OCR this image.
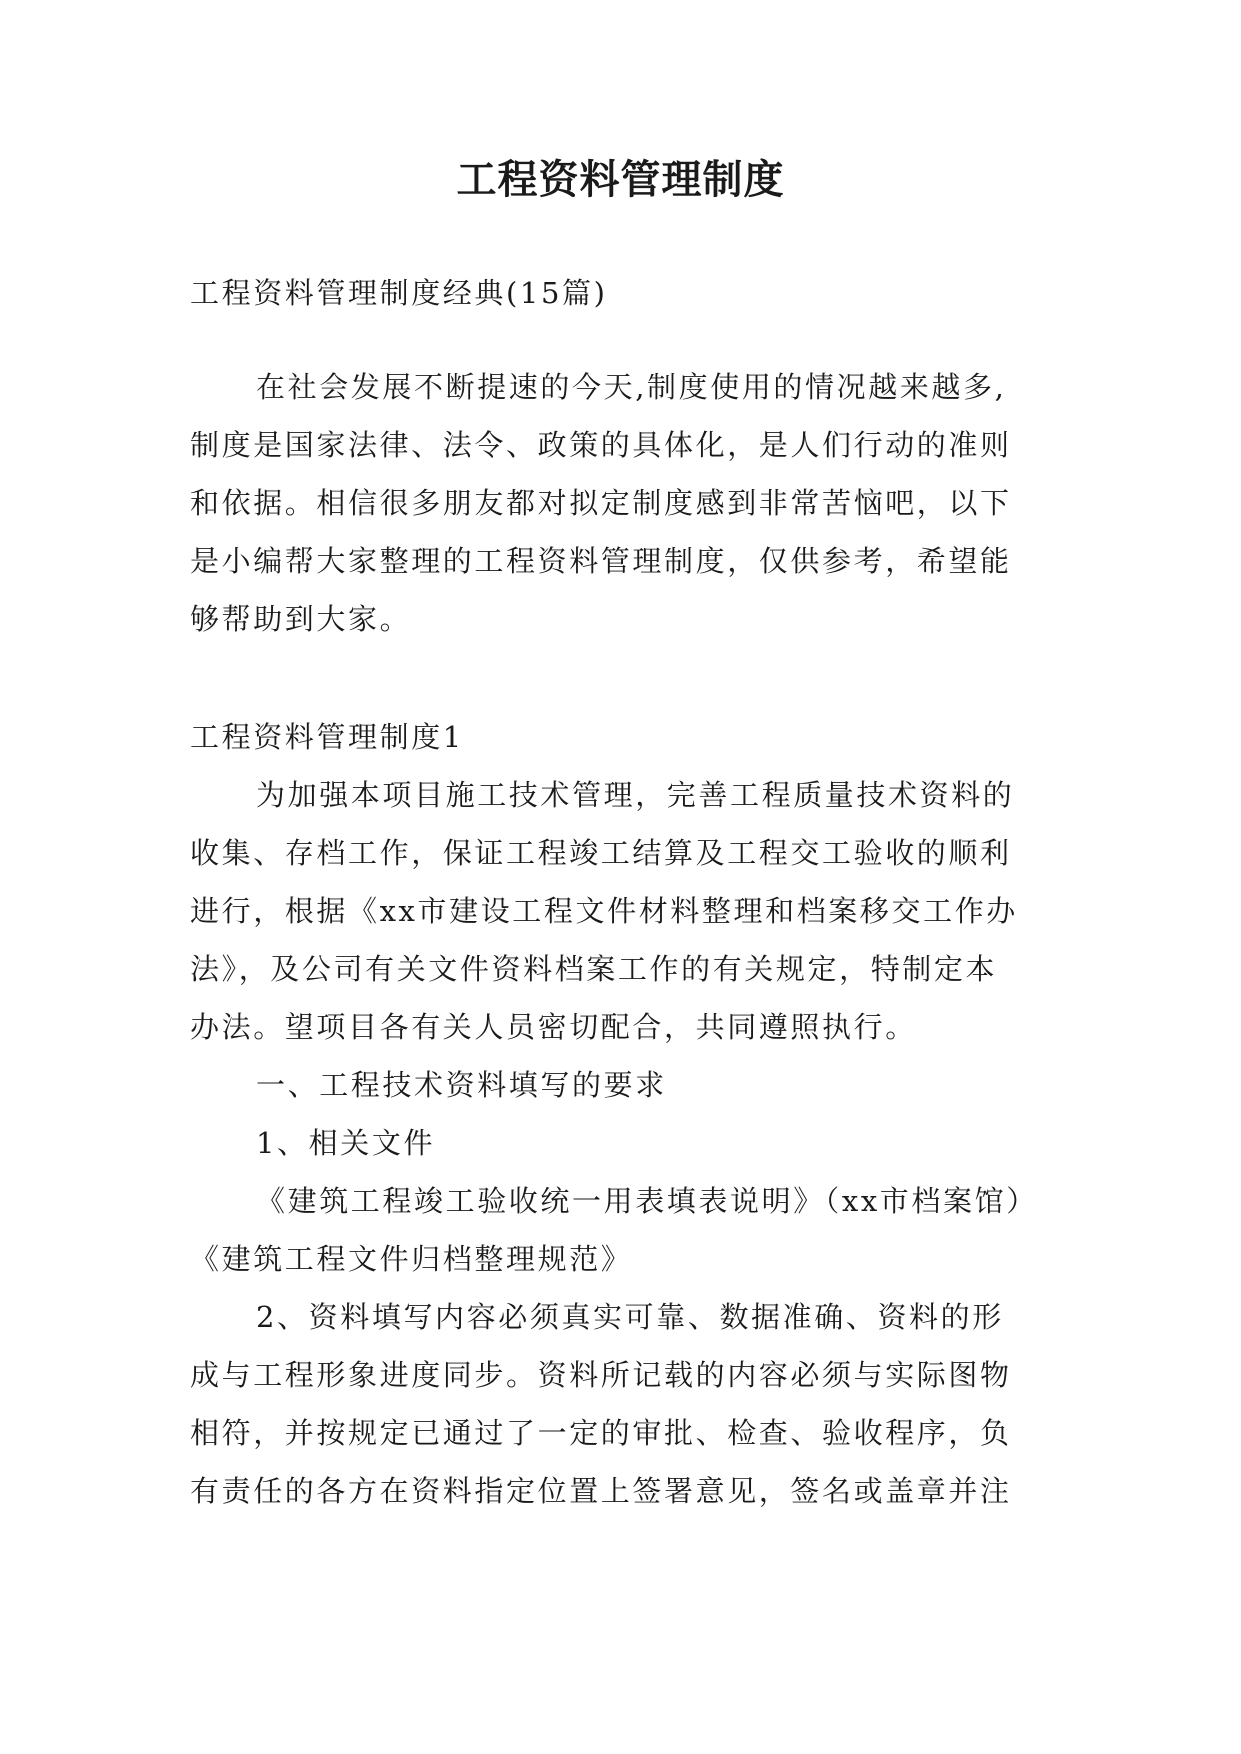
工程资料管理制度
工程资料管理制度经典(15篇)
在社会发展不断提速的今天,制度使用的情况越来越多,
制度是国家法律、法令、政策的具体化，是人们行动的准则
和依据。相信很多朋友都对拟定制度感到非常苦恼吧，以下
是小编帮大家整理的工程资料管理制度，仅供参考，希望能
够帮助到大家。
工程资料管理制度1
为加强本项目施工技术管理，完善工程质量技术资料的
收集、存档工作，保证工程竣工结算及工程交工验收的顺利
进行，根据《xx市建设工程文件材料整理和档案移交工作办
法》，及公司有关文件资料档案工作的有关规定，特制定本
办法。望项目各有关人员密切配合，共同遵照执行。
一、工程技术资料填写的要求
1、相关文件
《建筑工程竣工验收统一用表填表说明》（xx市档案馆）
《建筑工程文件归档整理规范》
2、资料填写内容必须真实可靠、数据准确、资料的形
成与工程形象进度同步。资料所记载的内容必须与实际图物
相符，并按规定已通过了一定的审批、检查、验收程序，负
有责任的各方在资料指定位置上签署意见，签名或盖章并注
